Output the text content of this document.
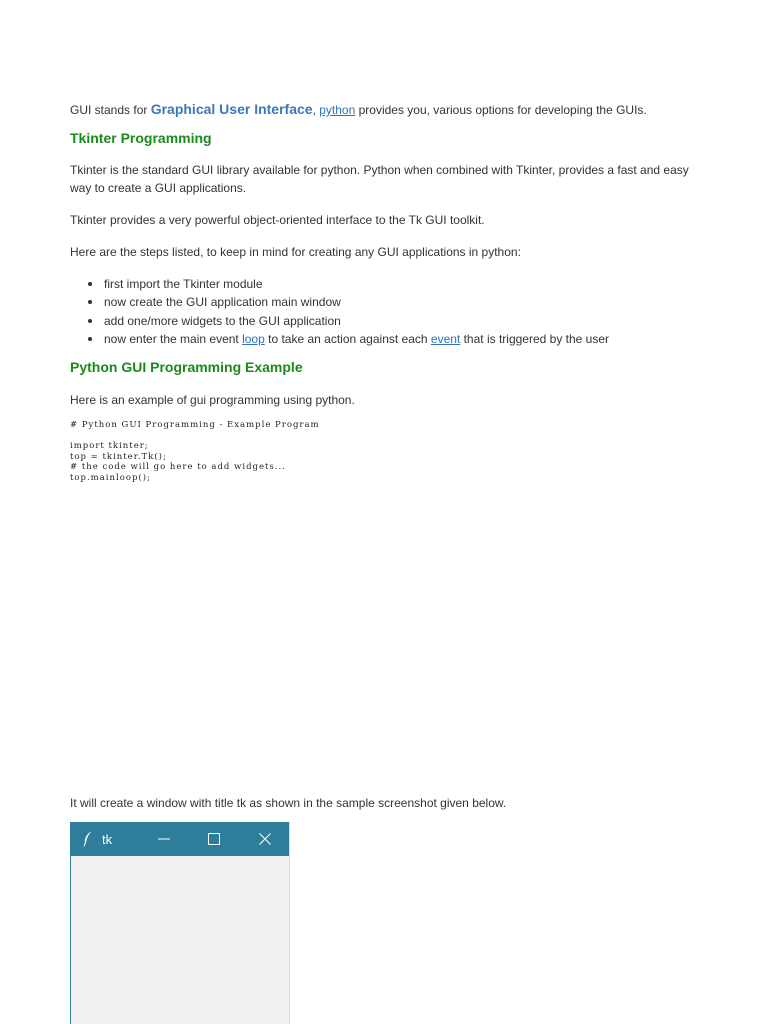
GUI stands for Graphical User Interface, python provides you, various options for developing the GUIs.

Tkinter Programming

Tkinter is the standard GUI library available for python. Python when combined with Tkinter, provides a fast and easy way to create a GUI applications.

Tkinter provides a very powerful object-oriented interface to the Tk GUI toolkit.

Here are the steps listed, to keep in mind for creating any GUI applications in python:

first import the Tkinter module
now create the GUI application main window
add one/more widgets to the GUI application
now enter the main event loop to take an action against each event that is triggered by the user
Python GUI Programming Example

Here is an example of gui programming using python.

# Python GUI Programming - Example Program

import tkinter;
top = tkinter.Tk();
# the code will go here to add widgets...
top.mainloop();

It will create a window with title tk as shown in the sample screenshot given below.

tk
